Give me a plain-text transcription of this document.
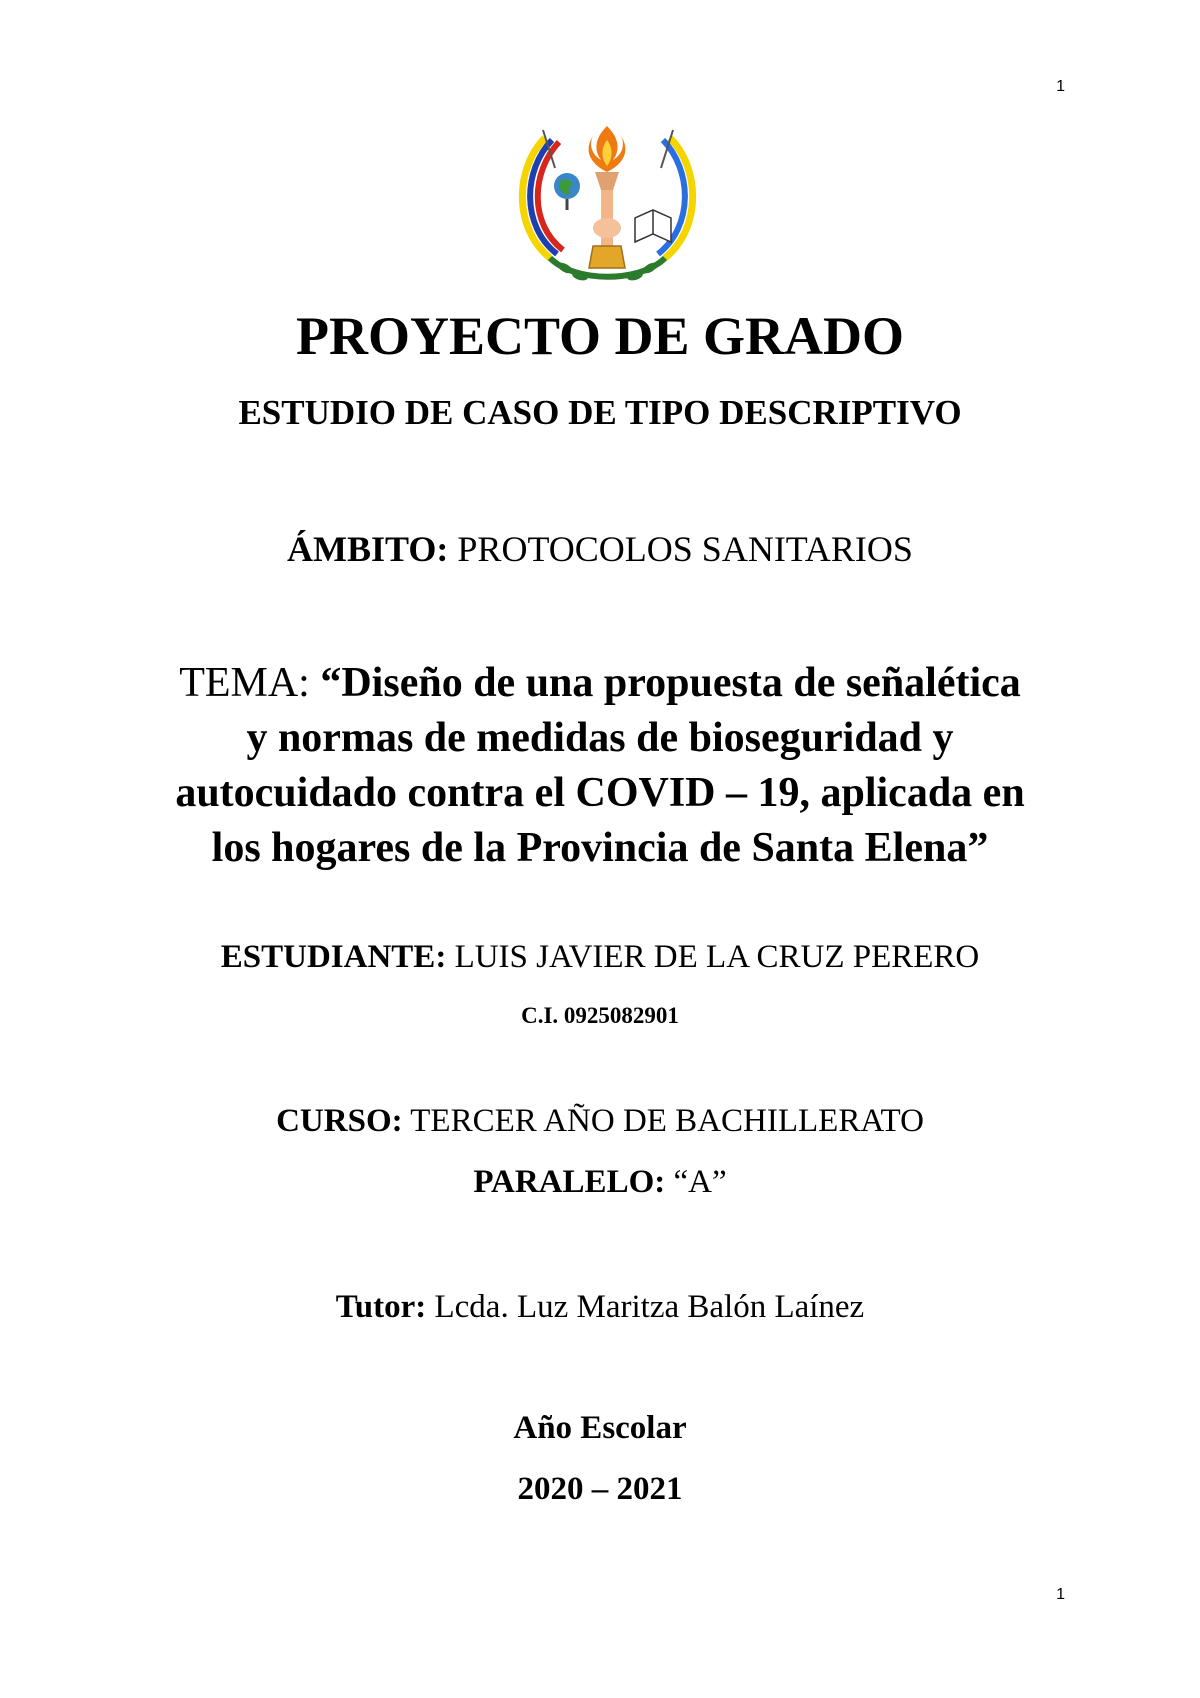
1
PROYECTO DE GRADO
ESTUDIO DE CASO DE TIPO DESCRIPTIVO
ÁMBITO: PROTOCOLOS SANITARIOS
TEMA: “Diseño de una propuesta de señalética
y normas de medidas de bioseguridad y
autocuidado contra el COVID – 19, aplicada en
los hogares de la Provincia de Santa Elena”
ESTUDIANTE: LUIS JAVIER DE LA CRUZ PERERO
C.I. 0925082901
CURSO: TERCER AÑO DE BACHILLERATO
PARALELO: “A”
Tutor: Lcda. Luz Maritza Balón Laínez
Año Escolar
2020 – 2021
1
